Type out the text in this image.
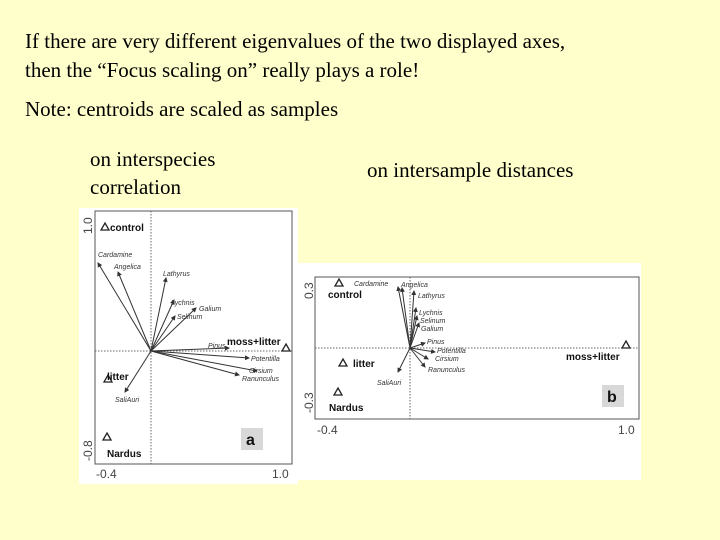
If there are very different eigenvalues of the two displayed axes,
then the “Focus scaling on” really plays a role!
Note: centroids are scaled as samples
on interspecies
correlation
on intersample distances
1.0
-0.8
-0.4	1.0
Cardamine
Angelica
Lathyrus
Lychnis
Galium
Selinum
Pinus
Potentilla
Cirsium
Ranunculus
SaliAuri
control
moss+litter
litter
Nardus
a
0.3
-0.3
-0.4	1.0
Cardamine Angelica
Lathyrus
Lychnis
Selinum
Galium
Pinus
Potentilla
Cirsium
Ranunculus
SaliAuri
control
litter
Nardus
moss+litter
b
